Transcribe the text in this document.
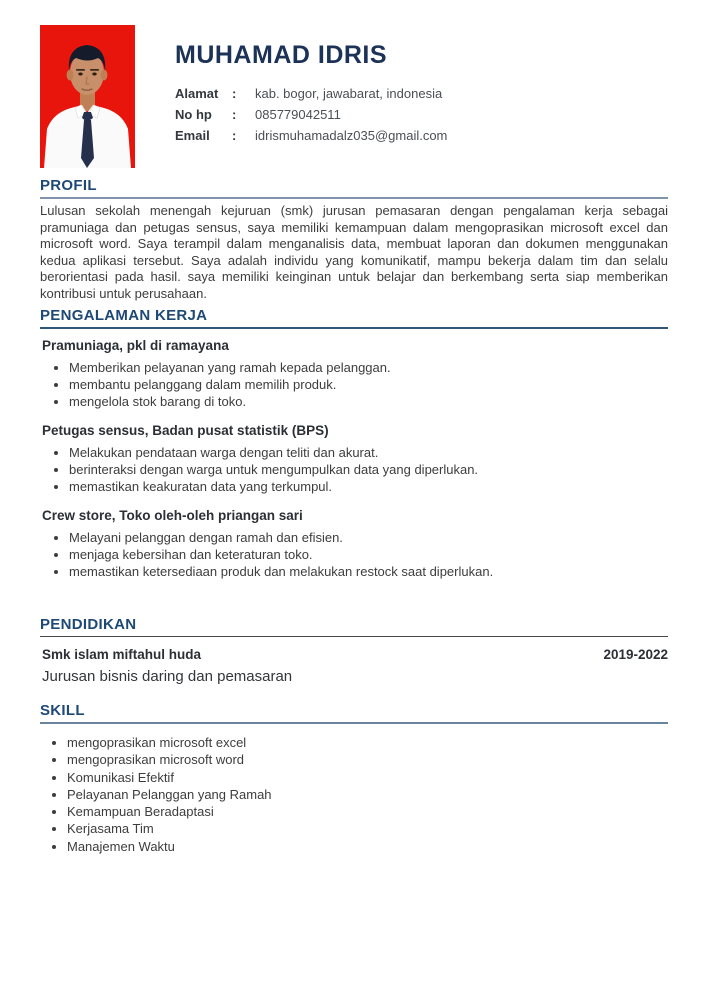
MUHAMAD IDRIS
Alamat	:	kab. bogor, jawabarat, indonesia
No hp	:	085779042511
Email	:	idrismuhamadalz035@gmail.com
PROFIL

Lulusan sekolah menengah kejuruan (smk) jurusan pemasaran dengan pengalaman kerja sebagai pramuniaga dan petugas sensus, saya memiliki kemampuan dalam mengoprasikan microsoft excel dan microsoft word. Saya terampil dalam menganalisis data, membuat laporan dan dokumen menggunakan kedua aplikasi tersebut. Saya adalah individu yang komunikatif, mampu bekerja dalam tim dan selalu berorientasi pada hasil. saya memiliki keinginan untuk belajar dan berkembang serta siap memberikan kontribusi untuk perusahaan.

PENGALAMAN KERJA
Pramuniaga, pkl di ramayana
• Memberikan pelayanan yang ramah kepada pelanggan.
• membantu pelanggang dalam memilih produk.
• mengelola stok barang di toko.
Petugas sensus, Badan pusat statistik (BPS)
• Melakukan pendataan warga dengan teliti dan akurat.
• berinteraksi dengan warga untuk mengumpulkan data yang diperlukan.
• memastikan keakuratan data yang terkumpul.
Crew store, Toko oleh-oleh priangan sari
• Melayani pelanggan dengan ramah dan efisien.
• menjaga kebersihan dan keteraturan toko.
• memastikan ketersediaan produk dan melakukan restock saat diperlukan.
PENDIDIKAN
Smk islam miftahul huda	2019-2022
Jurusan bisnis daring dan pemasaran
SKILL
• mengoprasikan microsoft excel
• mengoprasikan microsoft word
• Komunikasi Efektif
• Pelayanan Pelanggan yang Ramah
• Kemampuan Beradaptasi
• Kerjasama Tim
• Manajemen Waktu
